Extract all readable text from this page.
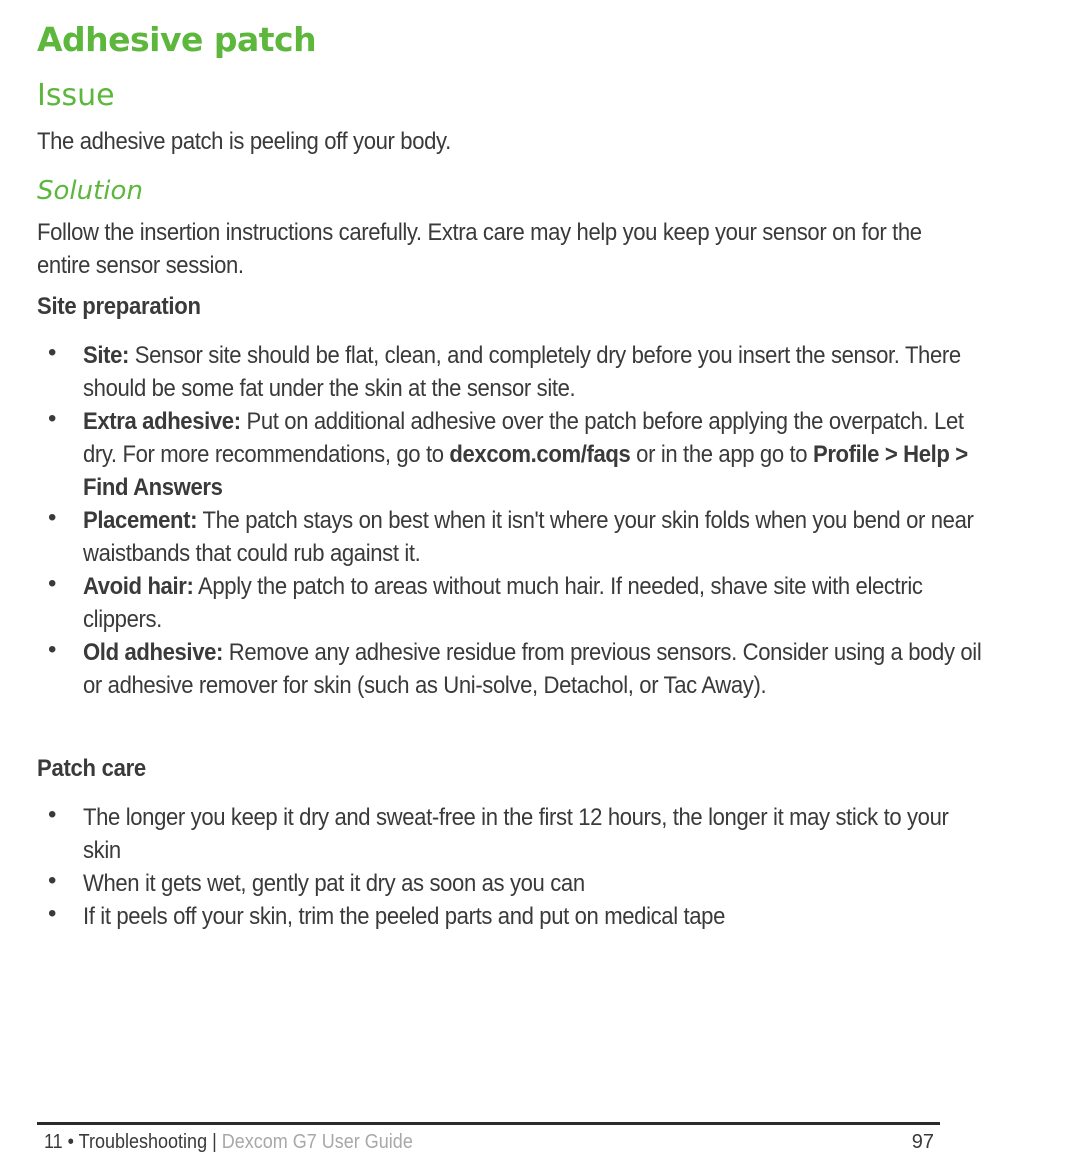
Adhesive patch
Issue

The adhesive patch is peeling off your body.

Solution

Follow the insertion instructions carefully. Extra care may help you keep your sensor on for the entire sensor session.

Site preparation
• Site: Sensor site should be flat, clean, and completely dry before you insert the sensor. There should be some fat under the skin at the sensor site.
• Extra adhesive: Put on additional adhesive over the patch before applying the overpatch. Let dry. For more recommendations, go to dexcom.com/faqs or in the app go to Profile > Help > Find Answers
• Placement: The patch stays on best when it isn't where your skin folds when you bend or near waistbands that could rub against it.
• Avoid hair: Apply the patch to areas without much hair. If needed, shave site with electric clippers.
• Old adhesive: Remove any adhesive residue from previous sensors. Consider using a body oil or adhesive remover for skin (such as Uni-solve, Detachol, or Tac Away).
Patch care
• The longer you keep it dry and sweat-free in the first 12 hours, the longer it may stick to your skin
• When it gets wet, gently pat it dry as soon as you can
• If it peels off your skin, trim the peeled parts and put on medical tape
11 • Troubleshooting | Dexcom G7 User Guide	97
